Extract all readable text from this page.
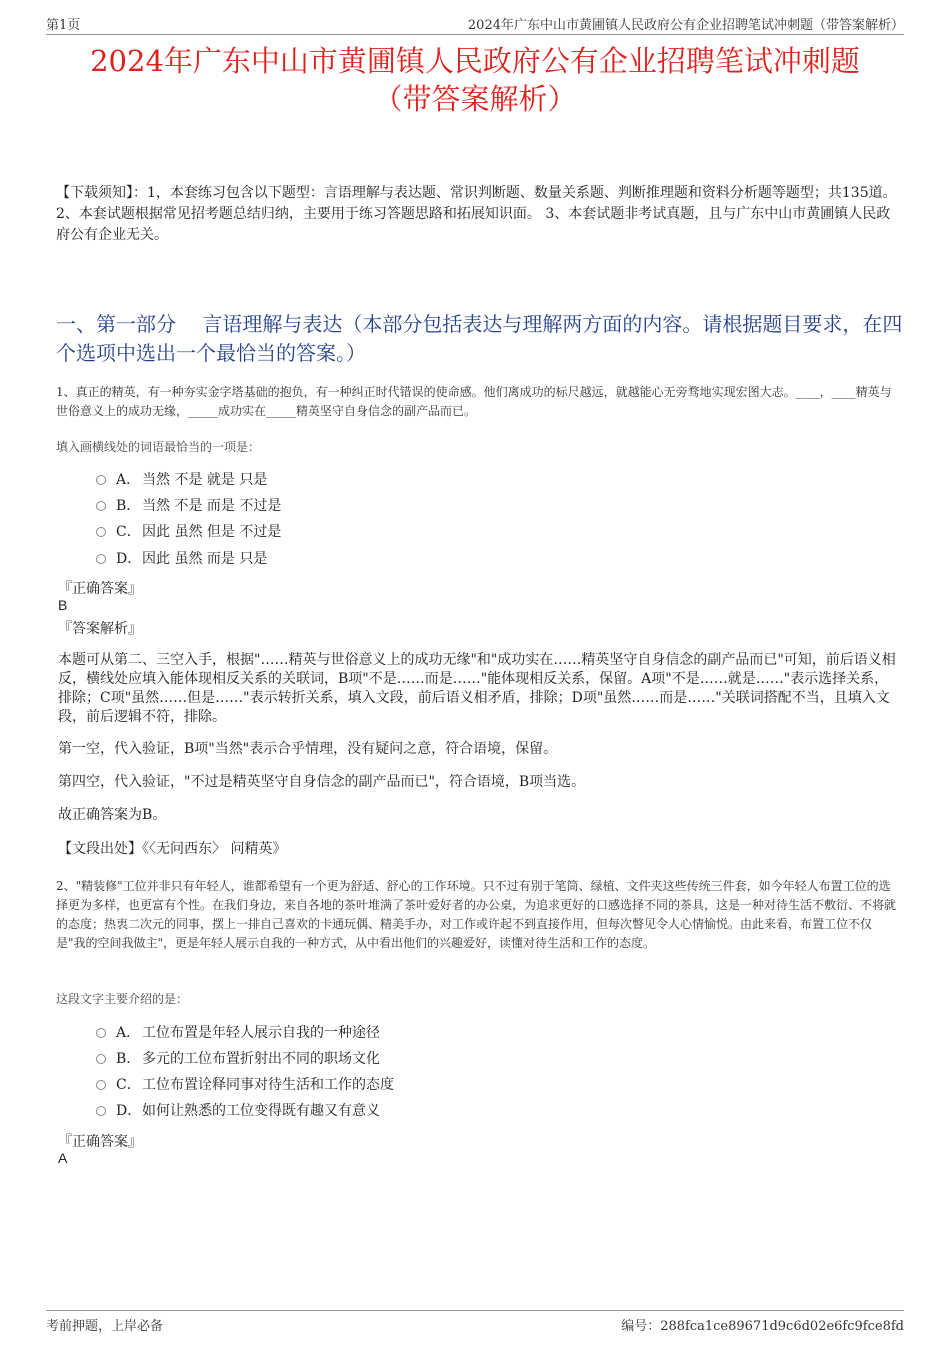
第1页	2024年广东中山市黄圃镇人民政府公有企业招聘笔试冲刺题（带答案解析）
2024年广东中山市黄圃镇人民政府公有企业招聘笔试冲刺题
（带答案解析）
【下载须知】：1，本套练习包含以下题型：言语理解与表达题、常识判断题、数量关系题、判断推理题和资料分析题等题型；共135道。 2、本套试题根据常见招考题总结归纳，主要用于练习答题思路和拓展知识面。 3、本套试题非考试真题，且与广东中山市黄圃镇人民政府公有企业无关。
一、第一部分　 言语理解与表达（本部分包括表达与理解两方面的内容。请根据题目要求，在四个选项中选出一个最恰当的答案。）
1、真正的精英，有一种夯实金字塔基础的抱负，有一种纠正时代错误的使命感。他们离成功的标尺越远，就越能心无旁骛地实现宏图大志。____，____精英与世俗意义上的成功无缘，_____成功实在_____精英坚守自身信念的副产品而已。
填入画横线处的词语最恰当的一项是：
A． 当然 不是 就是 只是
B． 当然 不是 而是 不过是
C．因此 虽然 但是 不过是
D．因此 虽然 而是 只是
『正确答案』
B
『答案解析』
本题可从第二、三空入手，根据"……精英与世俗意义上的成功无缘"和"成功实在……精英坚守自身信念的副产品而已"可知，前后语义相反，横线处应填入能体现相反关系的关联词，B项"不是……而是……"能体现相反关系，保留。A项"不是……就是……"表示选择关系，排除；C项"虽然……但是……"表示转折关系，填入文段，前后语义相矛盾，排除；D项"虽然……而是……"关联词搭配不当，且填入文段，前后逻辑不符，排除。
第一空，代入验证，B项"当然"表示合乎情理，没有疑问之意，符合语境，保留。
第四空，代入验证，"不过是精英坚守自身信念的副产品而已"，符合语境，B项当选。
故正确答案为B。
【文段出处】《〈无问西东〉 问精英》
2、"精装修"工位并非只有年轻人，谁都希望有一个更为舒适、舒心的工作环境。只不过有别于笔筒、绿植、文件夹这些传统三件套，如今年轻人布置工位的选择更为多样，也更富有个性。在我们身边，来自各地的茶叶堆满了茶叶爱好者的办公桌，为追求更好的口感选择不同的茶具，这是一种对待生活不敷衍、不将就的态度；热衷二次元的同事，摆上一排自己喜欢的卡通玩偶、精美手办，对工作或许起不到直接作用，但每次瞥见令人心情愉悦。由此来看，布置工位不仅是"我的空间我做主"，更是年轻人展示自我的一种方式，从中看出他们的兴趣爱好，读懂对待生活和工作的态度。
这段文字主要介绍的是：
A． 工位布置是年轻人展示自我的一种途径
B． 多元的工位布置折射出不同的职场文化
C．工位布置诠释同事对待生活和工作的态度
D．如何让熟悉的工位变得既有趣又有意义
『正确答案』
A
考前押题，上岸必备	编号：288fca1ce89671d9c6d02e6fc9fce8fd
